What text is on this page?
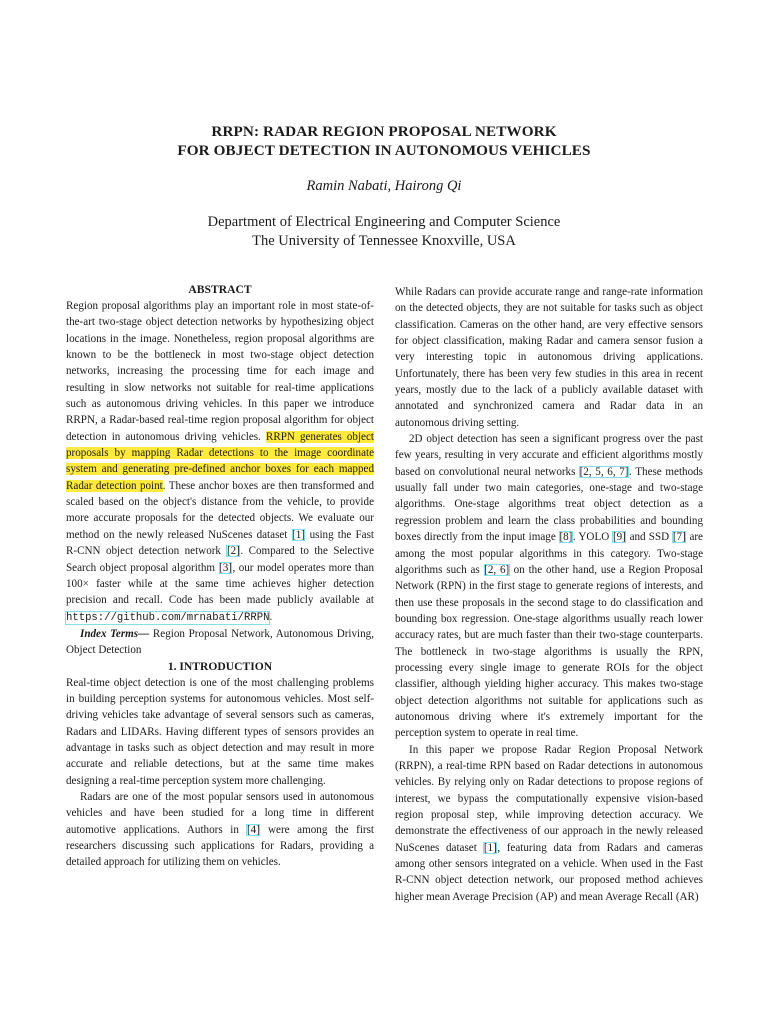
RRPN: RADAR REGION PROPOSAL NETWORK
FOR OBJECT DETECTION IN AUTONOMOUS VEHICLES
Ramin Nabati, Hairong Qi
Department of Electrical Engineering and Computer Science
The University of Tennessee Knoxville, USA

ABSTRACT

Region proposal algorithms play an important role in most state-of-the-art two-stage object detection networks by hypothesizing object locations in the image. Nonetheless, region proposal algorithms are known to be the bottleneck in most two-stage object detection networks, increasing the processing time for each image and resulting in slow networks not suitable for real-time applications such as autonomous driving vehicles. In this paper we introduce RRPN, a Radar-based real-time region proposal algorithm for object detection in autonomous driving vehicles. RRPN generates object proposals by mapping Radar detections to the image coordinate system and generating pre-defined anchor boxes for each mapped Radar detection point. These anchor boxes are then transformed and scaled based on the object's distance from the vehicle, to provide more accurate proposals for the detected objects. We evaluate our method on the newly released NuScenes dataset [1] using the Fast R-CNN object detection network [2]. Compared to the Selective Search object proposal algorithm [3], our model operates more than 100× faster while at the same time achieves higher detection precision and recall. Code has been made publicly available at https://github.com/mrnabati/RRPN.

Index Terms— Region Proposal Network, Autonomous Driving, Object Detection

1. INTRODUCTION

Real-time object detection is one of the most challenging problems in building perception systems for autonomous vehicles. Most self-driving vehicles take advantage of several sensors such as cameras, Radars and LIDARs. Having different types of sensors provides an advantage in tasks such as object detection and may result in more accurate and reliable detections, but at the same time makes designing a real-time perception system more challenging.

Radars are one of the most popular sensors used in autonomous vehicles and have been studied for a long time in different automotive applications. Authors in [4] were among the first researchers discussing such applications for Radars, providing a detailed approach for utilizing them on vehicles.

While Radars can provide accurate range and range-rate information on the detected objects, they are not suitable for tasks such as object classification. Cameras on the other hand, are very effective sensors for object classification, making Radar and camera sensor fusion a very interesting topic in autonomous driving applications. Unfortunately, there has been very few studies in this area in recent years, mostly due to the lack of a publicly available dataset with annotated and synchronized camera and Radar data in an autonomous driving setting.

2D object detection has seen a significant progress over the past few years, resulting in very accurate and efficient algorithms mostly based on convolutional neural networks [2, 5, 6, 7]. These methods usually fall under two main categories, one-stage and two-stage algorithms. One-stage algorithms treat object detection as a regression problem and learn the class probabilities and bounding boxes directly from the input image [8]. YOLO [9] and SSD [7] are among the most popular algorithms in this category. Two-stage algorithms such as [2, 6] on the other hand, use a Region Proposal Network (RPN) in the first stage to generate regions of interests, and then use these proposals in the second stage to do classification and bounding box regression. One-stage algorithms usually reach lower accuracy rates, but are much faster than their two-stage counterparts. The bottleneck in two-stage algorithms is usually the RPN, processing every single image to generate ROIs for the object classifier, although yielding higher accuracy. This makes two-stage object detection algorithms not suitable for applications such as autonomous driving where it's extremely important for the perception system to operate in real time.

In this paper we propose Radar Region Proposal Network (RRPN), a real-time RPN based on Radar detections in autonomous vehicles. By relying only on Radar detections to propose regions of interest, we bypass the computationally expensive vision-based region proposal step, while improving detection accuracy. We demonstrate the effectiveness of our approach in the newly released NuScenes dataset [1], featuring data from Radars and cameras among other sensors integrated on a vehicle. When used in the Fast R-CNN object detection network, our proposed method achieves higher mean Average Precision (AP) and mean Average Recall (AR)
